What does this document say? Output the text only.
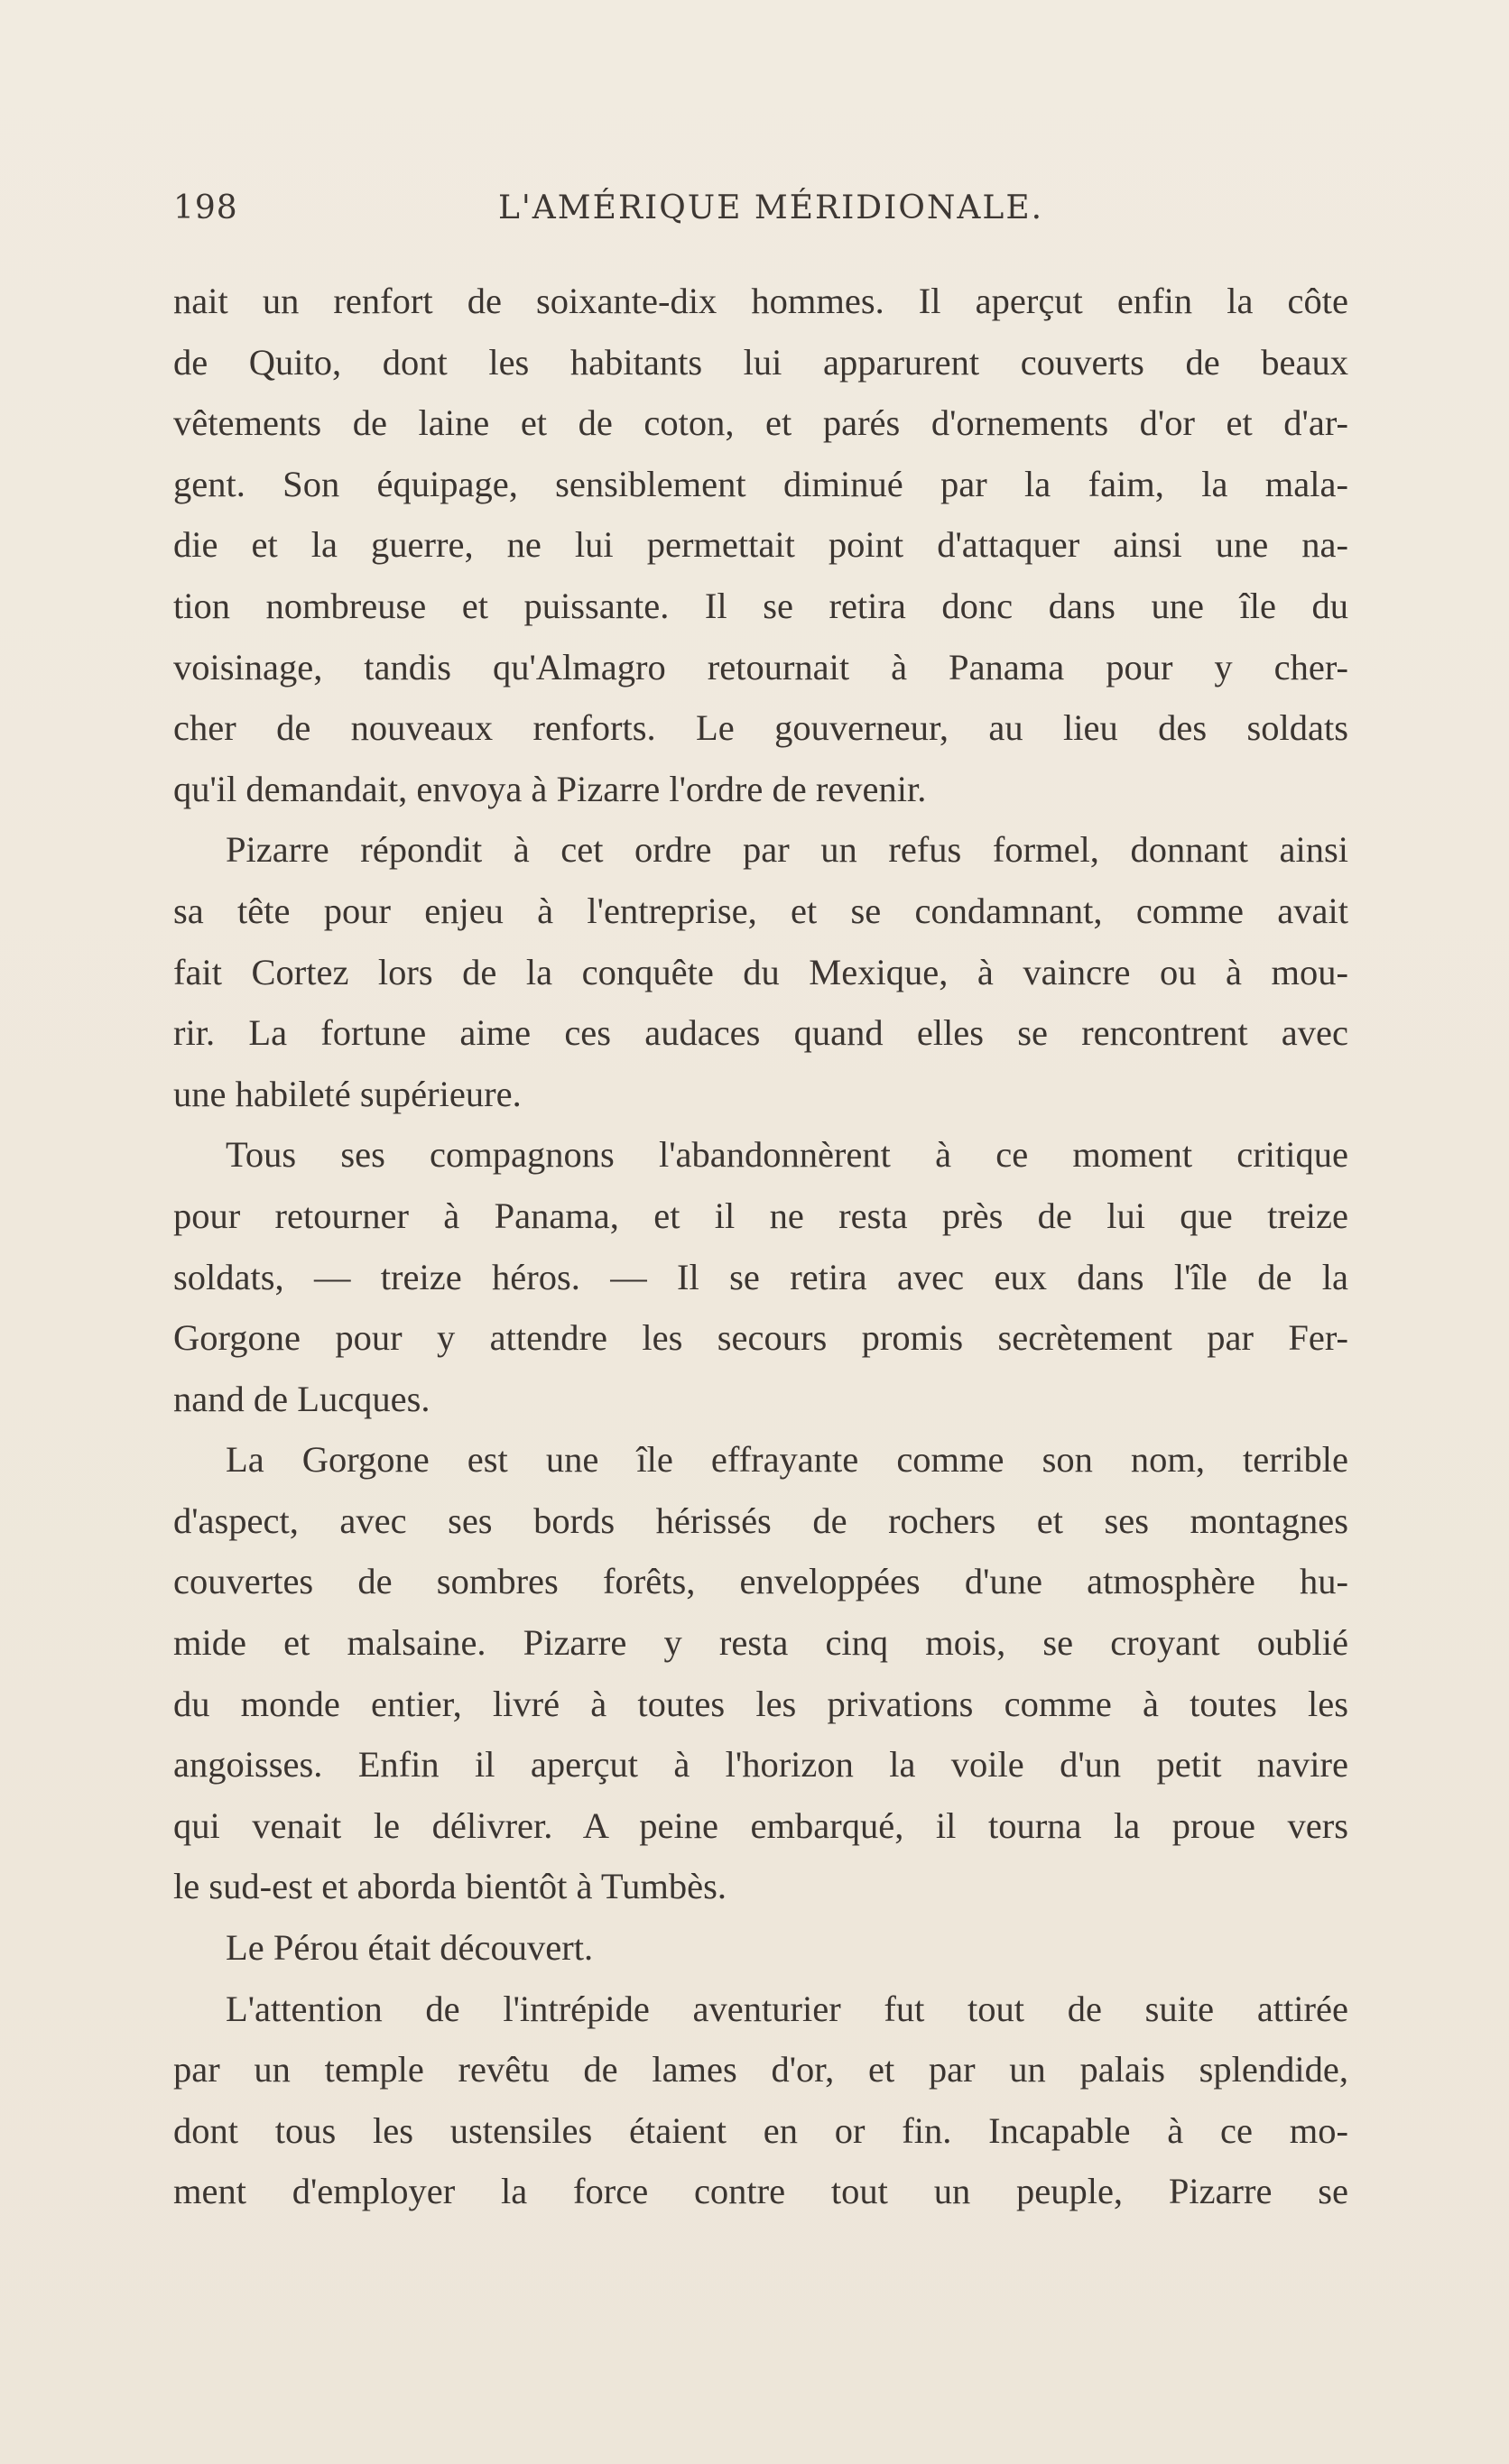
198	L'AMÉRIQUE MÉRIDIONALE.
nait un renfort de soixante-dix hommes. Il aperçut enfin la côte
de Quito, dont les habitants lui apparurent couverts de beaux
vêtements de laine et de coton, et parés d'ornements d'or et d'ar-
gent. Son équipage, sensiblement diminué par la faim, la mala-
die et la guerre, ne lui permettait point d'attaquer ainsi une na-
tion nombreuse et puissante. Il se retira donc dans une île du
voisinage, tandis qu'Almagro retournait à Panama pour y cher-
cher de nouveaux renforts. Le gouverneur, au lieu des soldats
qu'il demandait, envoya à Pizarre l'ordre de revenir.
Pizarre répondit à cet ordre par un refus formel, donnant ainsi
sa tête pour enjeu à l'entreprise, et se condamnant, comme avait
fait Cortez lors de la conquête du Mexique, à vaincre ou à mou-
rir. La fortune aime ces audaces quand elles se rencontrent avec
une habileté supérieure.
Tous ses compagnons l'abandonnèrent à ce moment critique
pour retourner à Panama, et il ne resta près de lui que treize
soldats, — treize héros. — Il se retira avec eux dans l'île de la
Gorgone pour y attendre les secours promis secrètement par Fer-
nand de Lucques.
La Gorgone est une île effrayante comme son nom, terrible
d'aspect, avec ses bords hérissés de rochers et ses montagnes
couvertes de sombres forêts, enveloppées d'une atmosphère hu-
mide et malsaine. Pizarre y resta cinq mois, se croyant oublié
du monde entier, livré à toutes les privations comme à toutes les
angoisses. Enfin il aperçut à l'horizon la voile d'un petit navire
qui venait le délivrer. A peine embarqué, il tourna la proue vers
le sud-est et aborda bientôt à Tumbès.
Le Pérou était découvert.
L'attention de l'intrépide aventurier fut tout de suite attirée
par un temple revêtu de lames d'or, et par un palais splendide,
dont tous les ustensiles étaient en or fin. Incapable à ce mo-
ment d'employer la force contre tout un peuple, Pizarre se
